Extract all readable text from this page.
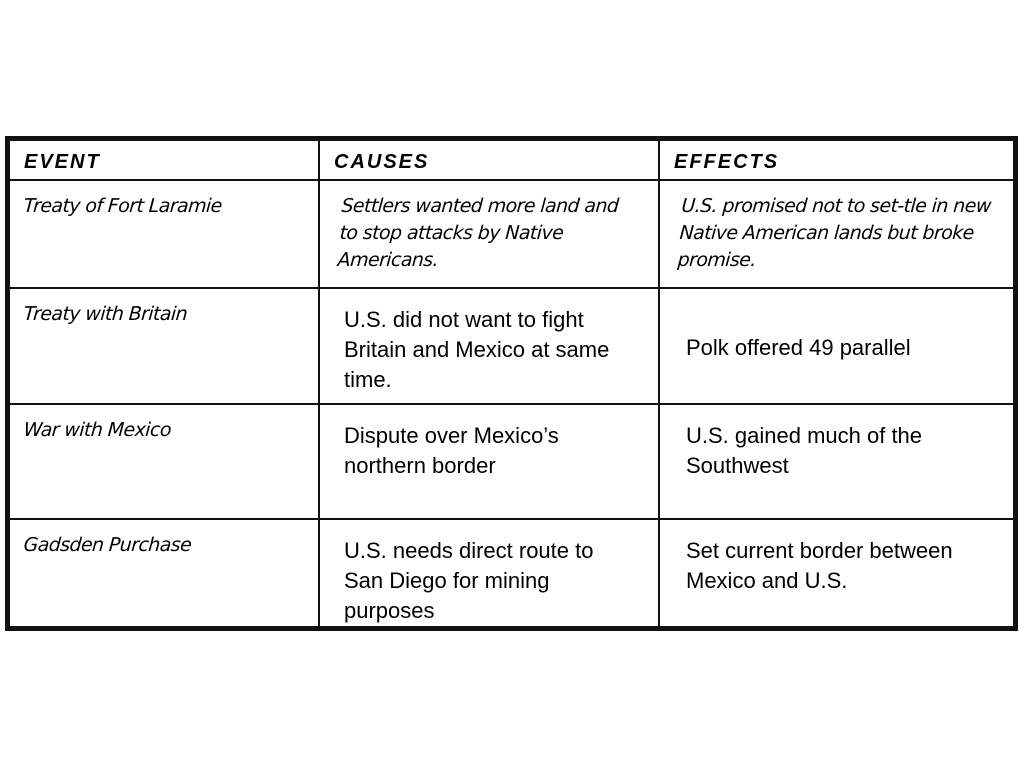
EVENT	CAUSES	EFFECTS

Treaty of Fort Laramie	Settlers wanted more land and to stop attacks by Native Americans.	U.S. promised not to set-tle in new Native American lands but broke promise.

Treaty with Britain	U.S. did not want to fight Britain and Mexico at same time.	Polk offered 49 parallel

War with Mexico	Dispute over Mexico’s northern border	U.S. gained much of the Southwest

Gadsden Purchase	U.S. needs direct route to San Diego for mining purposes	Set current border between Mexico and U.S.
